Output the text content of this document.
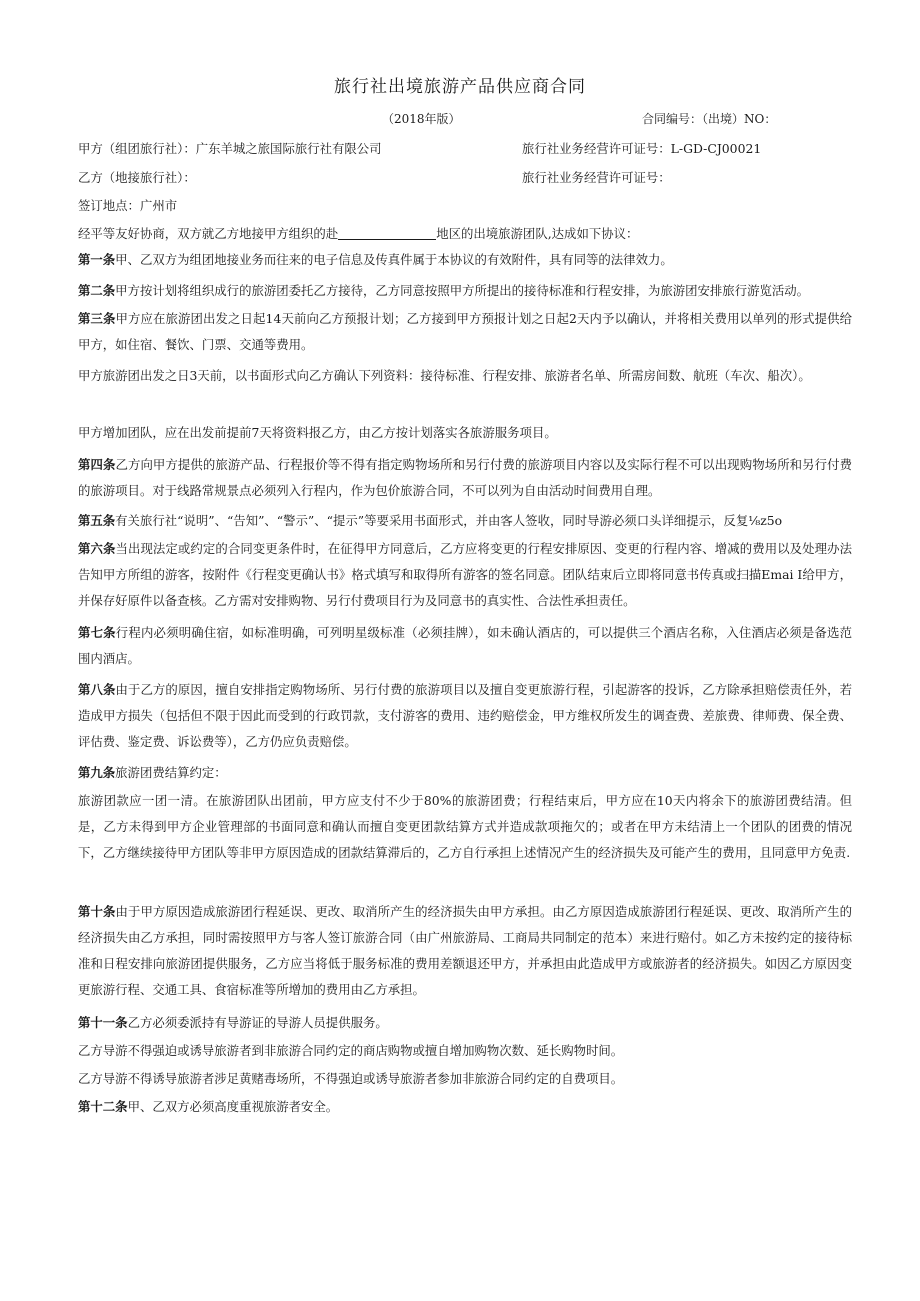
旅行社出境旅游产品供应商合同
（2018年版）	合同编号：（出境）NO：
甲方（组团旅行社）：广东羊城之旅国际旅行社有限公司	旅行社业务经营许可证号：L-GD-CJ00021
乙方（地接旅行社）：	旅行社业务经营许可证号：
签订地点：广州市
经平等友好协商，双方就乙方地接甲方组织的赴	地区的出境旅游团队,达成如下协议：
第一条甲、乙双方为组团地接业务而往来的电子信息及传真件属于本协议的有效附件，具有同等的法律效力。
第二条甲方按计划将组织成行的旅游团委托乙方接待，乙方同意按照甲方所提出的接待标准和行程安排，为旅游团安排旅行游览活动。
第三条甲方应在旅游团出发之日起14天前向乙方预报计划；乙方接到甲方预报计划之日起2天内予以确认，并将相关费用以单列的形式提供给甲方，如住宿、餐饮、门票、交通等费用。
甲方旅游团出发之日3天前，以书面形式向乙方确认下列资料：接待标准、行程安排、旅游者名单、所需房间数、航班（车次、船次）。
甲方增加团队，应在出发前提前7天将资料报乙方，由乙方按计划落实各旅游服务项目。
第四条乙方向甲方提供的旅游产品、行程报价等不得有指定购物场所和另行付费的旅游项目内容以及实际行程不可以出现购物场所和另行付费的旅游项目。对于线路常规景点必须列入行程内，作为包价旅游合同，不可以列为自由活动时间费用自理。
第五条有关旅行社“说明”、“告知”、“警示”、“提示”等要采用书面形式，并由客人签收，同时导游必须口头详细提示，反复⅛z5o
第六条当出现法定或约定的合同变更条件时，在征得甲方同意后，乙方应将变更的行程安排原因、变更的行程内容、增减的费用以及处理办法告知甲方所组的游客，按附件《行程变更确认书》格式填写和取得所有游客的签名同意。团队结束后立即将同意书传真或扫描Emai I给甲方，并保存好原件以备查核。乙方需对安排购物、另行付费项目行为及同意书的真实性、合法性承担责任。
第七条行程内必须明确住宿，如标准明确，可列明星级标准（必须挂牌），如未确认酒店的，可以提供三个酒店名称，入住酒店必须是备选范围内酒店。
第八条由于乙方的原因，擅自安排指定购物场所、另行付费的旅游项目以及擅自变更旅游行程，引起游客的投诉，乙方除承担赔偿责任外，若造成甲方损失（包括但不限于因此而受到的行政罚款，支付游客的费用、违约赔偿金，甲方维权所发生的调查费、差旅费、律师费、保全费、评估费、鉴定费、诉讼费等），乙方仍应负责赔偿。
第九条旅游团费结算约定：
旅游团款应一团一清。在旅游团队出团前，甲方应支付不少于80%的旅游团费；行程结束后，甲方应在10天内将余下的旅游团费结清。但是，乙方未得到甲方企业管理部的书面同意和确认而擅自变更团款结算方式并造成款项拖欠的；或者在甲方未结清上一个团队的团费的情况下，乙方继续接待甲方团队等非甲方原因造成的团款结算滞后的，乙方自行承担上述情况产生的经济损失及可能产生的费用，且同意甲方免责.
第十条由于甲方原因造成旅游团行程延误、更改、取消所产生的经济损失由甲方承担。由乙方原因造成旅游团行程延误、更改、取消所产生的经济损失由乙方承担，同时需按照甲方与客人签订旅游合同（由广州旅游局、工商局共同制定的范本）来进行赔付。如乙方未按约定的接待标准和日程安排向旅游团提供服务，乙方应当将低于服务标准的费用差额退还甲方，并承担由此造成甲方或旅游者的经济损失。如因乙方原因变更旅游行程、交通工具、食宿标准等所增加的费用由乙方承担。
第十一条乙方必须委派持有导游证的导游人员提供服务。
乙方导游不得强迫或诱导旅游者到非旅游合同约定的商店购物或擅自增加购物次数、延长购物时间。
乙方导游不得诱导旅游者涉足黄赌毒场所，不得强迫或诱导旅游者参加非旅游合同约定的自费项目。
第十二条甲、乙双方必须高度重视旅游者安全。
